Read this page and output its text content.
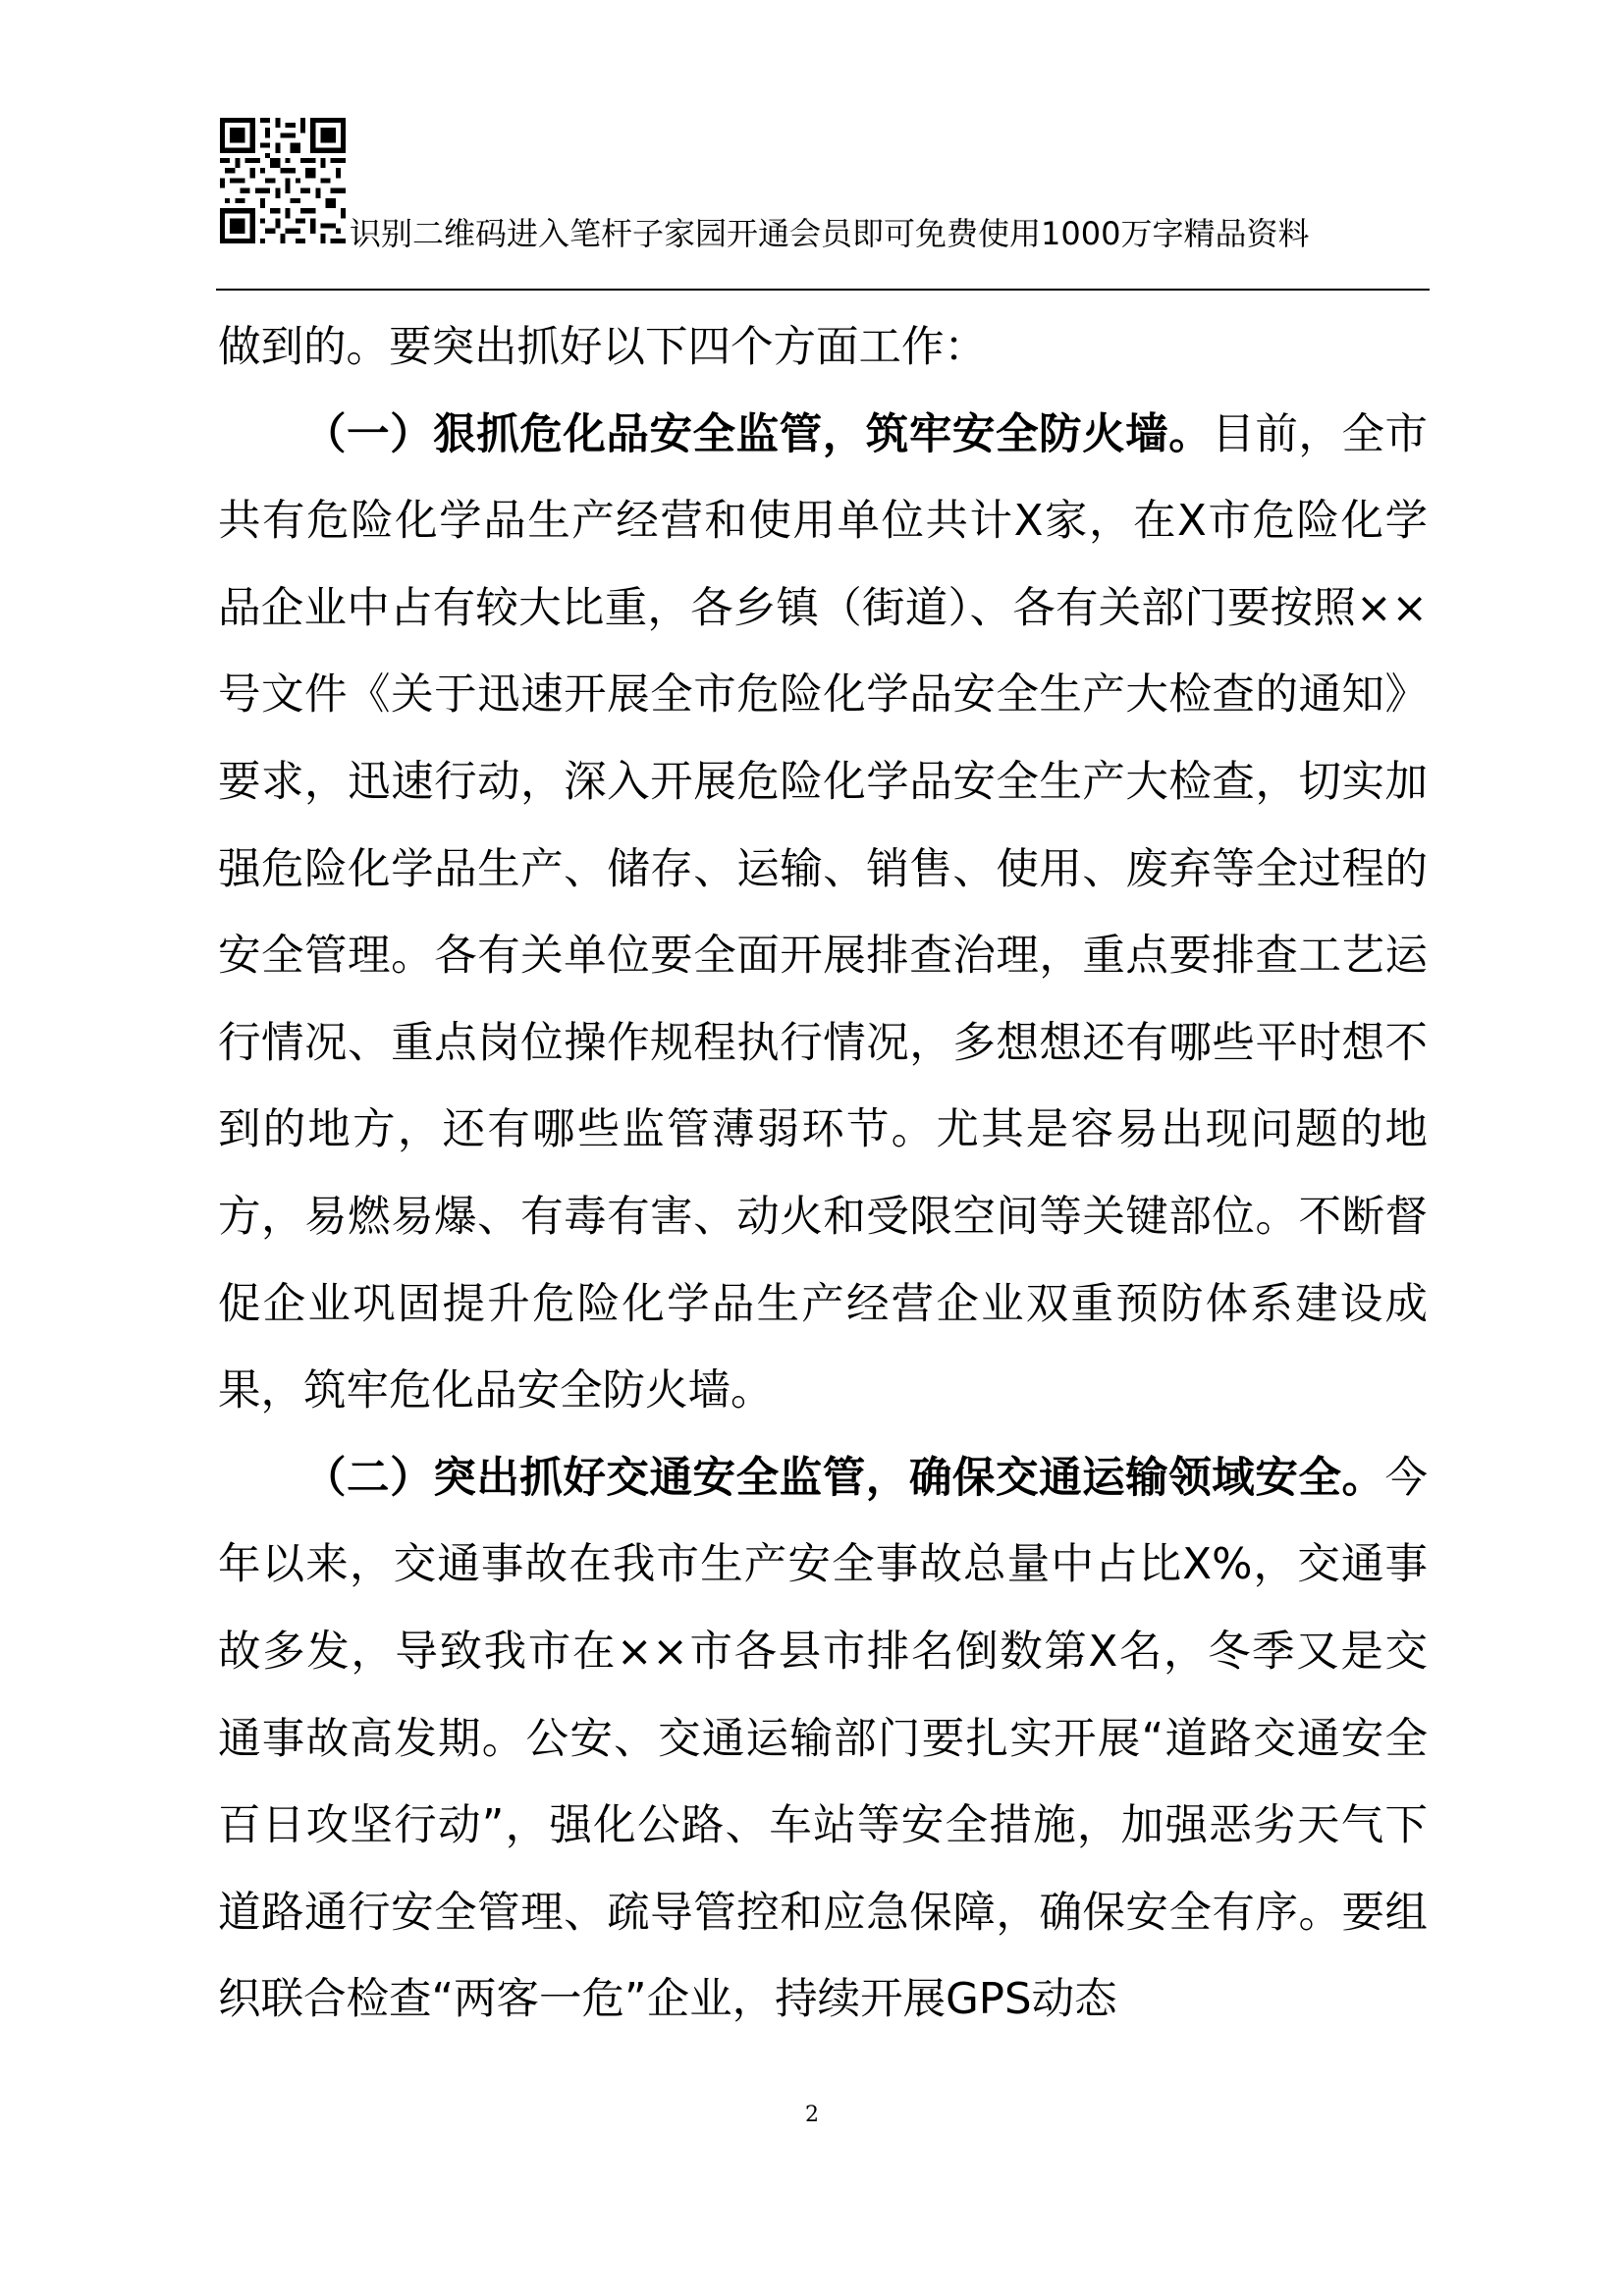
识别二维码进入笔杆子家园开通会员即可免费使用1000万字精品资料

做到的。要突出抓好以下四个方面工作：

（一）狠抓危化品安全监管，筑牢安全防火墙。目前，全市共有危险化学品生产经营和使用单位共计X家，在X市危险化学品企业中占有较大比重，各乡镇（街道）、各有关部门要按照××号文件《关于迅速开展全市危险化学品安全生产大检查的通知》要求，迅速行动，深入开展危险化学品安全生产大检查，切实加强危险化学品生产、储存、运输、销售、使用、废弃等全过程的安全管理。各有关单位要全面开展排查治理，重点要排查工艺运行情况、重点岗位操作规程执行情况，多想想还有哪些平时想不到的地方，还有哪些监管薄弱环节。尤其是容易出现问题的地方，易燃易爆、有毒有害、动火和受限空间等关键部位。不断督促企业巩固提升危险化学品生产经营企业双重预防体系建设成果，筑牢危化品安全防火墙。

（二）突出抓好交通安全监管，确保交通运输领域安全。今年以来，交通事故在我市生产安全事故总量中占比X%，交通事故多发，导致我市在××市各县市排名倒数第X名，冬季又是交通事故高发期。公安、交通运输部门要扎实开展“道路交通安全百日攻坚行动”，强化公路、车站等安全措施，加强恶劣天气下道路通行安全管理、疏导管控和应急保障，确保安全有序。要组织联合检查“两客一危”企业，持续开展GPS动态

2
